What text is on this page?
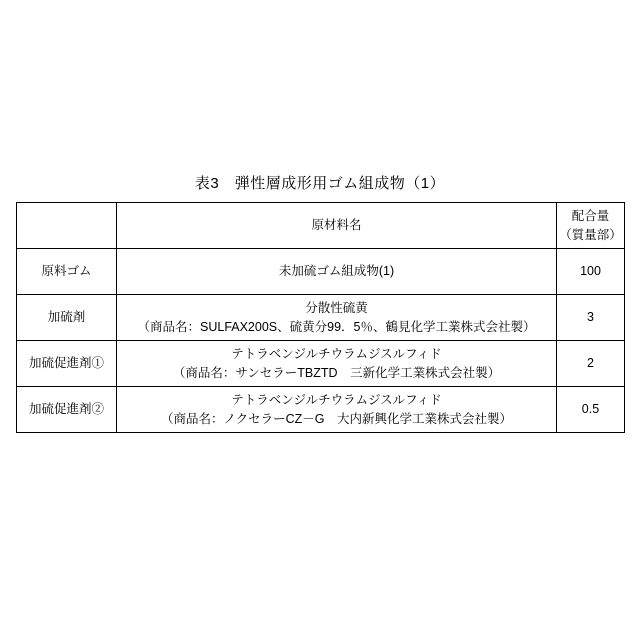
表3　弾性層成形用ゴム組成物（1）
	原材料名	配合量
（質量部）

原料ゴム	未加硫ゴム組成物(1)	100
加硫剤	分散性硫黄
（商品名：SULFAX200S、硫黄分99．5％、鶴見化学工業株式会社製）	3
加硫促進剤①	テトラベンジルチウラムジスルフィド
（商品名：サンセラーTBZTD　三新化学工業株式会社製）	2
加硫促進剤②	テトラベンジルチウラムジスルフィド
（商品名：ノクセラーCZ－G　大内新興化学工業株式会社製）	0.5
